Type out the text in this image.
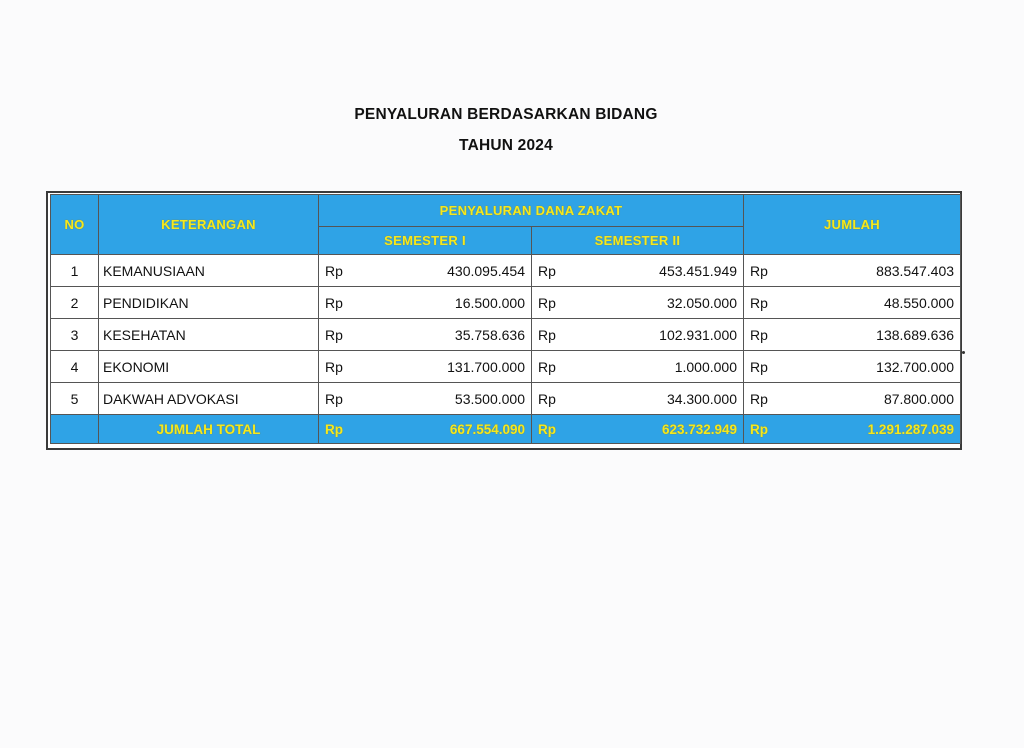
PENYALURAN BERDASARKAN BIDANG
TAHUN 2024
NO	KETERANGAN	PENYALURAN DANA ZAKAT				JUMLAH	
		SEMESTER I		SEMESTER II			
1	KEMANUSIAAN	Rp	430.095.454	Rp	453.451.949	Rp	883.547.403
2	PENDIDIKAN	Rp	16.500.000	Rp	32.050.000	Rp	48.550.000
3	KESEHATAN	Rp	35.758.636	Rp	102.931.000	Rp	138.689.636
4	EKONOMI	Rp	131.700.000	Rp	1.000.000	Rp	132.700.000
5	DAKWAH ADVOKASI	Rp	53.500.000	Rp	34.300.000	Rp	87.800.000
	JUMLAH TOTAL	Rp	667.554.090	Rp	623.732.949	Rp	1.291.287.039
